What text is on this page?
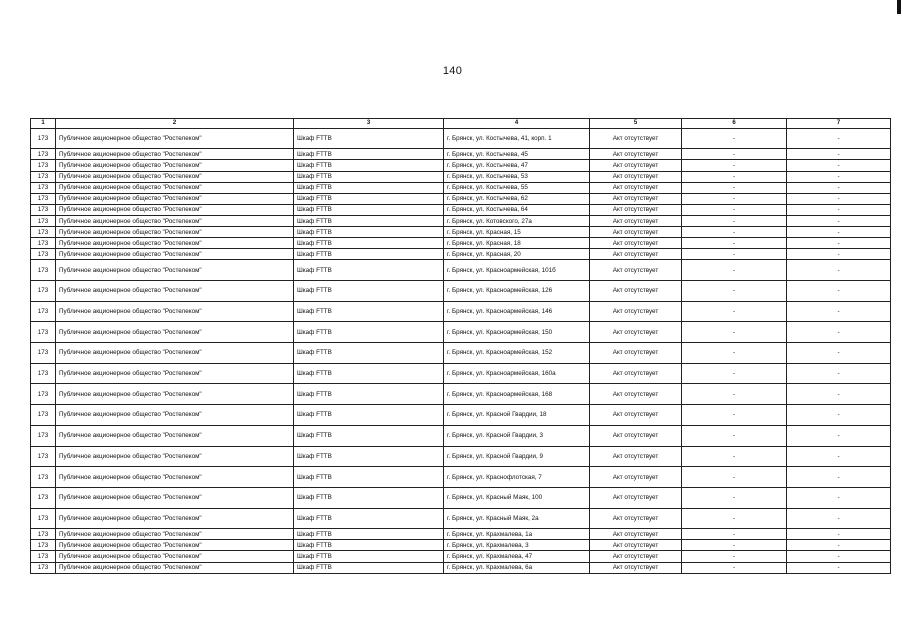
140
1	2	3	4	5	6	7
173	Публичное акционерное общество "Ростелеком"	Шкаф FTTB	г. Брянск, ул. Костычева, 41, корп. 1	Акт отсутствует	-	-
173	Публичное акционерное общество "Ростелеком"	Шкаф FTTB	г. Брянск, ул. Костычева, 45	Акт отсутствует	-	-
173	Публичное акционерное общество "Ростелеком"	Шкаф FTTB	г. Брянск, ул. Костычева, 47	Акт отсутствует	-	-
173	Публичное акционерное общество "Ростелеком"	Шкаф FTTB	г. Брянск, ул. Костычева, 53	Акт отсутствует	-	-
173	Публичное акционерное общество "Ростелеком"	Шкаф FTTB	г. Брянск, ул. Костычева, 55	Акт отсутствует	-	-
173	Публичное акционерное общество "Ростелеком"	Шкаф FTTB	г. Брянск, ул. Костычева, 62	Акт отсутствует	-	-
173	Публичное акционерное общество "Ростелеком"	Шкаф FTTB	г. Брянск, ул. Костычева, 64	Акт отсутствует	-	-
173	Публичное акционерное общество "Ростелеком"	Шкаф FTTB	г. Брянск, ул. Котовского, 27а	Акт отсутствует	-	-
173	Публичное акционерное общество "Ростелеком"	Шкаф FTTB	г. Брянск, ул. Красная, 15	Акт отсутствует	-	-
173	Публичное акционерное общество "Ростелеком"	Шкаф FTTB	г. Брянск, ул. Красная, 18	Акт отсутствует	-	-
173	Публичное акционерное общество "Ростелеком"	Шкаф FTTB	г. Брянск, ул. Красная, 20	Акт отсутствует	-	-
173	Публичное акционерное общество "Ростелеком"	Шкаф FTTB	г. Брянск, ул. Красноармейская, 101б	Акт отсутствует	-	-
173	Публичное акционерное общество "Ростелеком"	Шкаф FTTB	г. Брянск, ул. Красноармейская, 126	Акт отсутствует	-	-
173	Публичное акционерное общество "Ростелеком"	Шкаф FTTB	г. Брянск, ул. Красноармейская, 146	Акт отсутствует	-	-
173	Публичное акционерное общество "Ростелеком"	Шкаф FTTB	г. Брянск, ул. Красноармейская, 150	Акт отсутствует	-	-
173	Публичное акционерное общество "Ростелеком"	Шкаф FTTB	г. Брянск, ул. Красноармейская, 152	Акт отсутствует	-	-
173	Публичное акционерное общество "Ростелеком"	Шкаф FTTB	г. Брянск, ул. Красноармейская, 160а	Акт отсутствует	-	-
173	Публичное акционерное общество "Ростелеком"	Шкаф FTTB	г. Брянск, ул. Красноармейская, 168	Акт отсутствует	-	-
173	Публичное акционерное общество "Ростелеком"	Шкаф FTTB	г. Брянск, ул. Красной Гвардии, 18	Акт отсутствует	-	-
173	Публичное акционерное общество "Ростелеком"	Шкаф FTTB	г. Брянск, ул. Красной Гвардии, 3	Акт отсутствует	-	-
173	Публичное акционерное общество "Ростелеком"	Шкаф FTTB	г. Брянск, ул. Красной Гвардии, 9	Акт отсутствует	-	-
173	Публичное акционерное общество "Ростелеком"	Шкаф FTTB	г. Брянск, ул. Краснофлотская, 7	Акт отсутствует	-	-
173	Публичное акционерное общество "Ростелеком"	Шкаф FTTB	г. Брянск, ул. Красный Маяк, 100	Акт отсутствует	-	-
173	Публичное акционерное общество "Ростелеком"	Шкаф FTTB	г. Брянск, ул. Красный Маяк, 2а	Акт отсутствует	-	-
173	Публичное акционерное общество "Ростелеком"	Шкаф FTTB	г. Брянск, ул. Крахмалева, 1а	Акт отсутствует	-	-
173	Публичное акционерное общество "Ростелеком"	Шкаф FTTB	г. Брянск, ул. Крахмалева, 3	Акт отсутствует	-	-
173	Публичное акционерное общество "Ростелеком"	Шкаф FTTB	г. Брянск, ул. Крахмалева, 47	Акт отсутствует	-	-
173	Публичное акционерное общество "Ростелеком"	Шкаф FTTB	г. Брянск, ул. Крахмалева, 6а	Акт отсутствует	-	-
